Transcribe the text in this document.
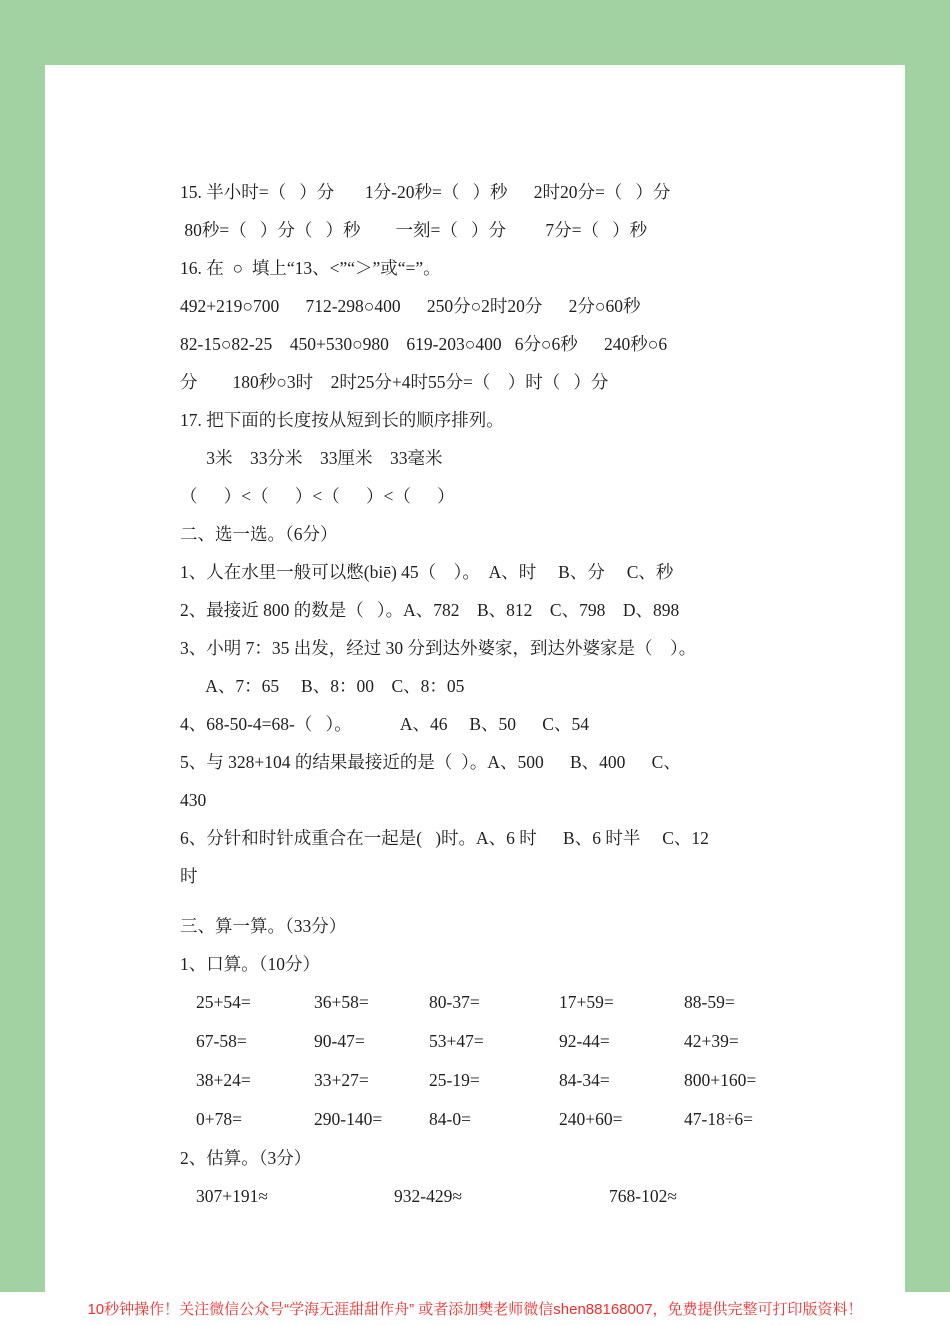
15. 半小时=（   ）分       1分-20秒=（   ）秒      2时20分=（   ）分

80秒=（   ）分（   ）秒        一刻=（   ）分         7分=（   ）秒

16. 在  ○  填上“13、<”“＞”或“=”。

492+219○700      712-298○400      250分○2时20分      2分○60秒

82-15○82-25    450+530○980    619-203○400   6分○6秒      240秒○6

分        180秒○3时    2时25分+4时55分=（    ）时（   ）分

17. 把下面的长度按从短到长的顺序排列。

3米    33分米    33厘米    33毫米

（      ）<（      ）<（      ）<（      ）

二、选一选。（6分）

1、人在水里一般可以憋(biē) 45（    ）。  A、时     B、分     C、秒

2、最接近 800 的数是（   ）。A、782    B、812    C、798    D、898

3、小明 7：35 出发，经过 30 分到达外婆家，到达外婆家是（    ）。

A、7：65     B、8：00    C、8：05

4、68-50-4=68-（   ）。           A、46     B、50      C、54

5、与 328+104 的结果最接近的是（  ）。A、500      B、400      C、

430

6、分针和时针成重合在一起是(   )时。A、6 时      B、6 时半     C、12

时

三、算一算。（33分）

1、口算。（10分）

25+54=	36+58=	80-37=	17+59=	88-59=
67-58=	90-47=	53+47=	92-44=	42+39=
38+24=	33+27=	25-19=	84-34=	800+160=
0+78=	290-140=	84-0=	240+60=	47-18÷6=

2、估算。（3分）

307+191≈	932-429≈	768-102≈
10秒钟操作！关注微信公众号“学海无涯甜甜作舟” 或者添加樊老师微信shen88168007，免费提供完整可打印版资料！
